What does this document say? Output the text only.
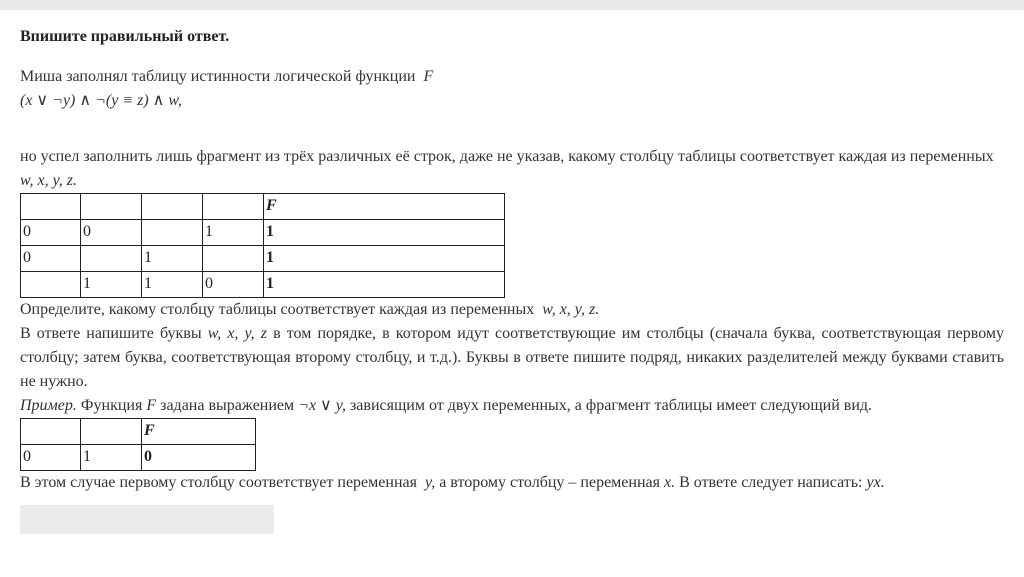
Впишите правильный ответ.

Миша заполнял таблицу истинности логической функции F

(x ∨ ¬y) ∧ ¬(y ≡ z) ∧ w,

но успел заполнить лишь фрагмент из трёх различных её строк, даже не указав, какому столбцу таблицы соответствует каждая из переменных w, x, y, z.

				F
0	0		1	1
0		1		1
	1	1	0	1

Определите, какому столбцу таблицы соответствует каждая из переменных w, x, y, z.

В ответе напишите буквы w, x, y, z в том порядке, в котором идут соответствующие им столбцы (сначала буква, соответствующая первому столбцу; затем буква, соответствующая второму столбцу, и т.д.). Буквы в ответе пишите подряд, никаких разделителей между буквами ставить не нужно.

Пример. Функция F задана выражением ¬x ∨ y, зависящим от двух переменных, а фрагмент таблицы имеет следующий вид.

		F
0	1	0

В этом случае первому столбцу соответствует переменная y, а второму столбцу – переменная x. В ответе следует написать: yx.
